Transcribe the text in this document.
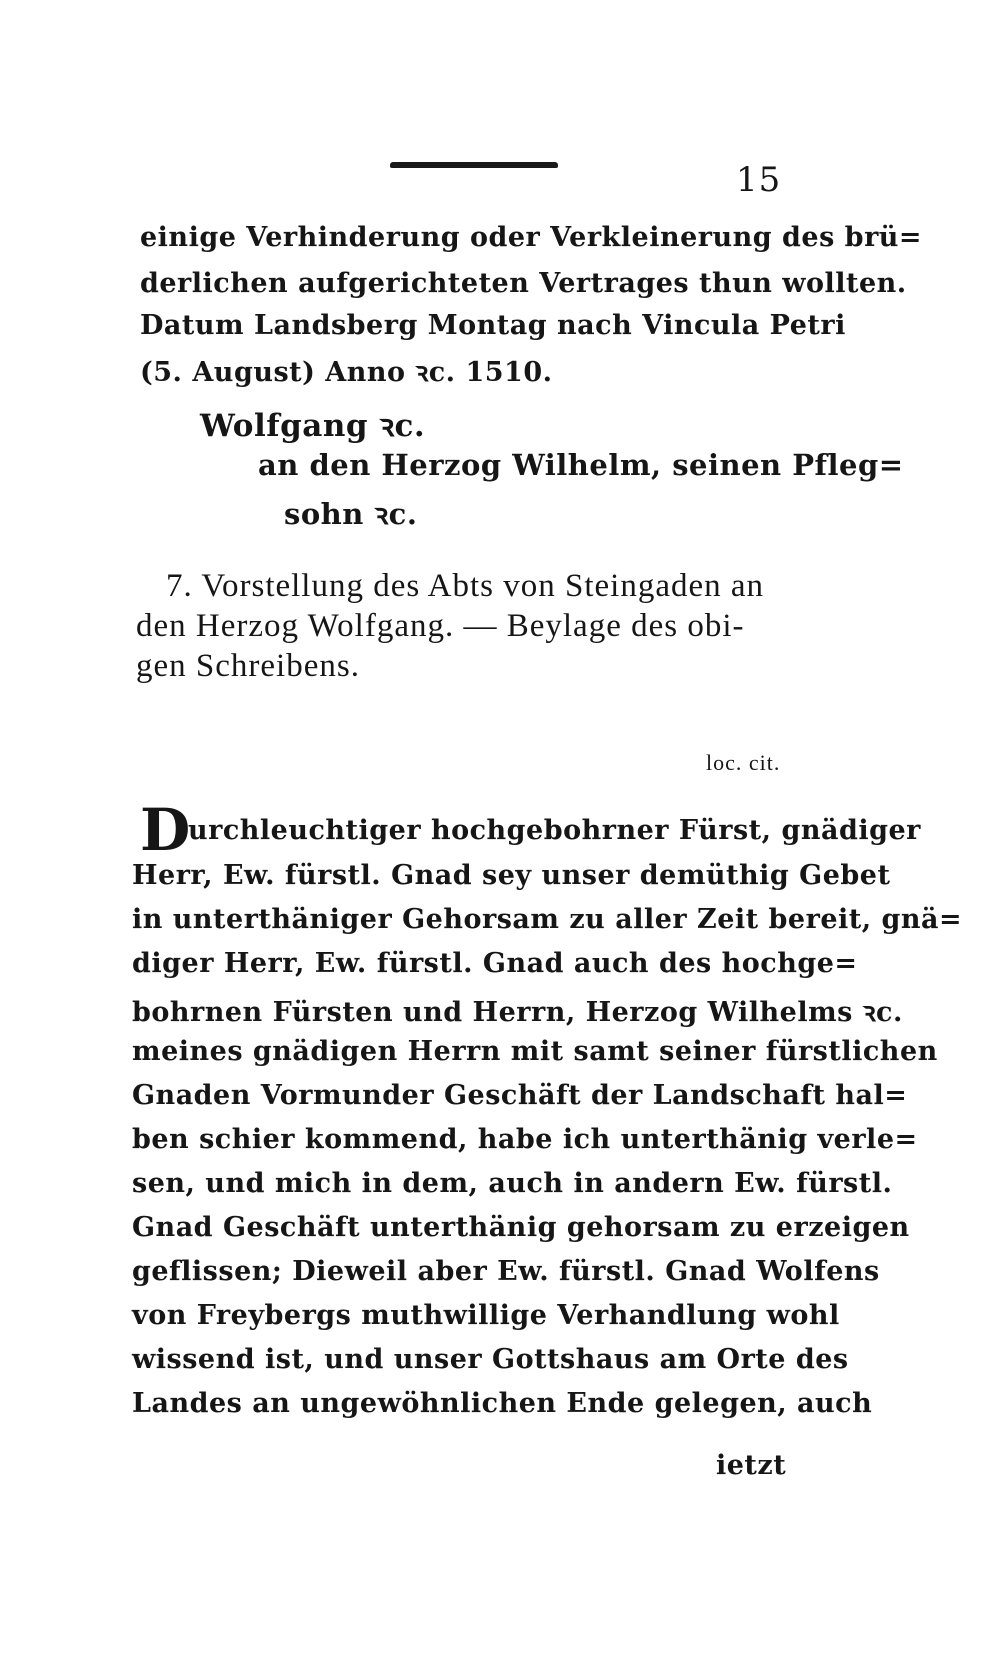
15
einige Verhinderung oder Verkleinerung des brü=
derlichen aufgerichteten Vertrages thun wollten.
Datum Landsberg Montag nach Vincula Petri
(5. August) Anno ꝛc. 1510.
Wolfgang ꝛc.
an den Herzog Wilhelm, seinen Pfleg=
sohn ꝛc.
7. Vorstellung des Abts von Steingaden an
den Herzog Wolfgang. — Beylage des obi-
gen Schreibens.
loc. cit.
D
urchleuchtiger hochgebohrner Fürst, gnädiger
Herr, Ew. fürstl. Gnad sey unser demüthig Gebet
in unterthäniger Gehorsam zu aller Zeit bereit, gnä=
diger Herr, Ew. fürstl. Gnad auch des hochge=
bohrnen Fürsten und Herrn, Herzog Wilhelms ꝛc.
meines gnädigen Herrn mit samt seiner fürstlichen
Gnaden Vormunder Geschäft der Landschaft hal=
ben schier kommend, habe ich unterthänig verle=
sen, und mich in dem, auch in andern Ew. fürstl.
Gnad Geschäft unterthänig gehorsam zu erzeigen
geflissen; Dieweil aber Ew. fürstl. Gnad Wolfens
von Freybergs muthwillige Verhandlung wohl
wissend ist, und unser Gottshaus am Orte des
Landes an ungewöhnlichen Ende gelegen, auch
ietzt
